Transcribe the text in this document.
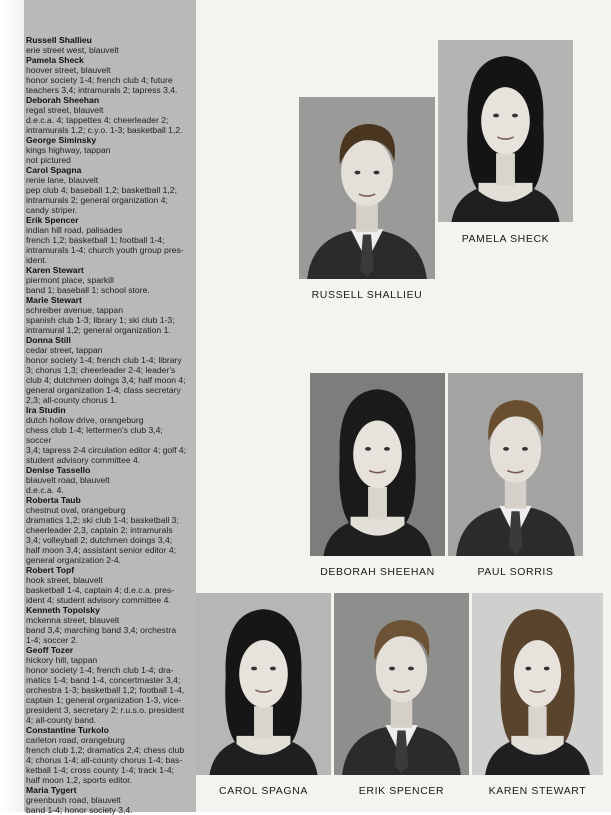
Russell Shallieu
erie street west, blauvelt
Pamela Sheck
hoover street, blauvelt
honor society 1-4; french club 4; future
teachers 3,4; intramurals 2; tapress 3,4.
Deborah Sheehan
regal street, blauvelt
d.e.c.a. 4; tappettes 4; cheerleader 2;
intramurals 1,2; c.y.o. 1-3; basketball 1,2.
George Siminsky
kings highway, tappan
not pictured
Carol Spagna
renie lane, blauvelt
pep club 4; baseball 1,2; basketball 1,2;
intramurals 2; general organization 4;
candy striper.
Erik Spencer
indian hill road, palisades
french 1,2; basketball 1; football 1-4;
intramurals 1-4; church youth group pres-
ident.
Karen Stewart
piermont place, sparkill
band 1; baseball 1; school store.
Marie Stewart
schreiber avenue, tappan
spanish club 1-3; library 1; ski club 1-3;
intramural 1,2; general organization 1.
Donna Still
cedar street, tappan
honor society 1-4; french club 1-4; library
3; chorus 1,3; cheerleader 2-4; leader's
club 4; dutchmen doings 3,4; half moon 4;
general organization 1-4; class secretary
2,3; all-county chorus 1.
Ira Studin
dutch hollow drive, orangeburg
chess club 1-4; lettermen's club 3,4; soccer
3,4; tapress 2-4 circulation editor 4; golf 4;
student advisory committee 4.
Denise Tassello
blauvelt road, blauvelt
d.e.c.a. 4.
Roberta Taub
chestnut oval, orangeburg
dramatics 1,2; ski club 1-4; basketball 3;
cheerleader 2,3, captain 2; intramurals
3,4; volleyball 2; dutchmen doings 3,4;
half moon 3,4; assistant senior editor 4;
general organization 2-4.
Robert Topf
hook street, blauvelt
basketball 1-4, captain 4; d.e.c.a. pres-
ident 4; student advisory committee 4.
Kenneth Topolsky
mckenna street, blauvelt
band 3,4; marching band 3,4; orchestra
1-4; soccer 2.
Geoff Tozer
hickory hill, tappan
honor society 1-4; french club 1-4; dra-
matics 1-4; band 1-4, concertmaster 3,4;
orchestra 1-3; basketball 1,2; football 1-4,
captain 1; general organization 1-3, vice-
president 3, secretary 2; r.u.s.o. president
4; all-county band.
Constantine Turkolo
carleton road, orangeburg
french club 1,2; dramatics 2,4; chess club
4; chorus 1-4; all-county chorus 1-4; bas-
ketball 1-4; cross county 1-4; track 1-4;
half moon 1,2, sports editor.
Maria Tygert
greenbush road, blauvelt
band 1-4; honor society 3,4.
RUSSELL SHALLIEU
PAMELA SHECK
DEBORAH SHEEHAN	PAUL SORRIS
CAROL SPAGNA	ERIK SPENCER	KAREN STEWART
